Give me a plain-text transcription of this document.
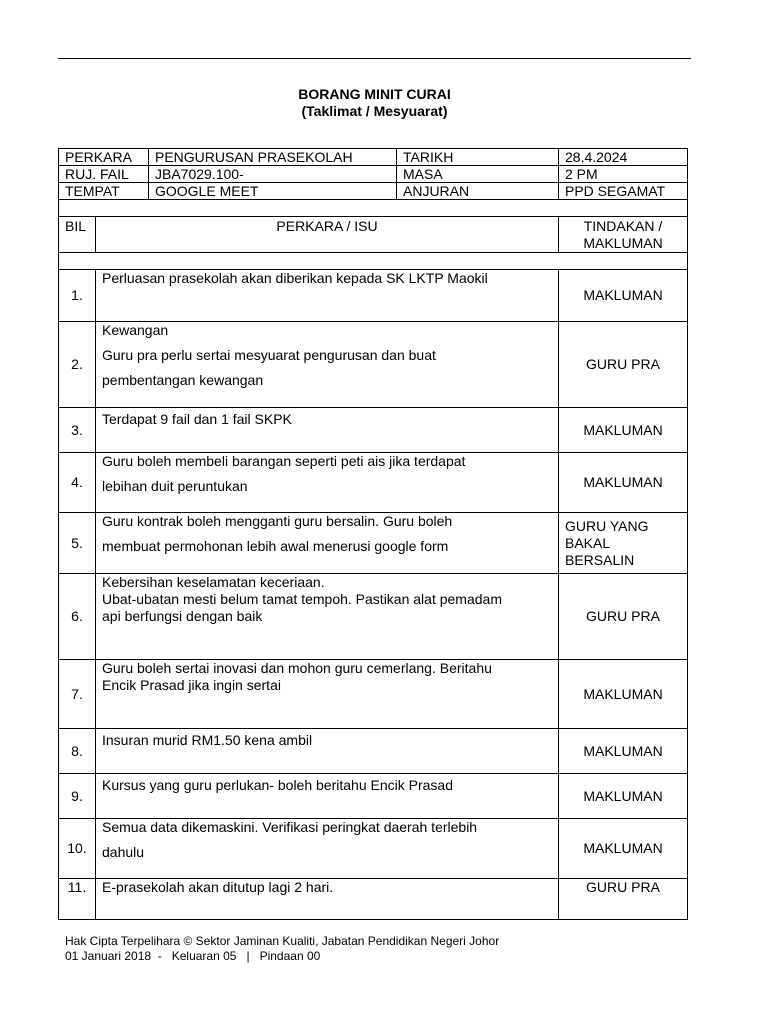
BORANG MINIT CURAI
(Taklimat / Mesyuarat)
PERKARA	PENGURUSAN PRASEKOLAH	TARIKH	28.4.2024
RUJ. FAIL	JBA7029.100-	MASA	2 PM
TEMPAT	GOOGLE MEET	ANJURAN	PPD SEGAMAT

BIL	PERKARA / ISU	TINDAKAN /
MAKLUMAN

1.	Perluasan prasekolah akan diberikan kepada SK LKTP Maokil	MAKLUMAN
2.	Kewangan
Guru pra perlu sertai mesyuarat pengurusan dan buat
pembentangan kewangan	GURU PRA
3.	Terdapat 9 fail dan 1 fail SKPK	MAKLUMAN
4.	Guru boleh membeli barangan seperti peti ais jika terdapat
lebihan duit peruntukan	MAKLUMAN
5.	Guru kontrak boleh mengganti guru bersalin. Guru boleh
membuat permohonan lebih awal menerusi google form	GURU YANG
BAKAL
BERSALIN

6.	Kebersihan keselamatan keceriaan.
Ubat-ubatan mesti belum tamat tempoh. Pastikan alat pemadam
api berfungsi dengan baik	GURU PRA
7.	Guru boleh sertai inovasi dan mohon guru cemerlang. Beritahu
Encik Prasad jika ingin sertai	MAKLUMAN
8.	Insuran murid RM1.50 kena ambil	MAKLUMAN
9.	Kursus yang guru perlukan- boleh beritahu Encik Prasad	MAKLUMAN
10.	Semua data dikemaskini. Verifikasi peringkat daerah terlebih
dahulu	MAKLUMAN
11.	E-prasekolah akan ditutup lagi 2 hari.	GURU PRA
Hak Cipta Terpelihara © Sektor Jaminan Kualiti, Jabatan Pendidikan Negeri Johor
01 Januari 2018  -   Keluaran 05   |   Pindaan 00
